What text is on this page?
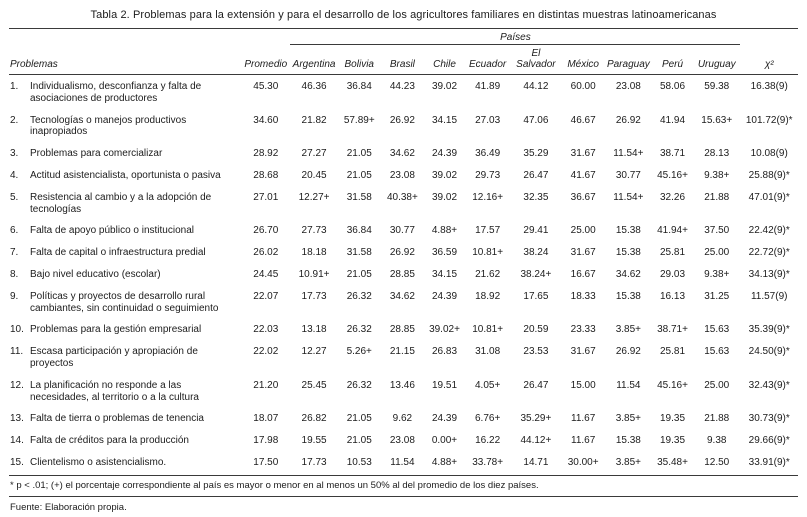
Tabla 2. Problemas para la extensión y para el desarrollo de los agricultores familiares en distintas muestras latinoamericanas
		Países										
Problemas	Promedio	Argentina	Bolivia	Brasil	Chile	Ecuador	El Salvador	México	Paraguay	Perú	Uruguay	χ²

1. Individualismo, desconfianza y falta de asociaciones de productores	45.30	46.36	36.84	44.23	39.02	41.89	44.12	60.00	23.08	58.06	59.38	16.38(9)

2. Tecnologías o manejos productivos inapropiados	34.60	21.82	57.89+	26.92	34.15	27.03	47.06	46.67	26.92	41.94	15.63+	101.72(9)*

3. Problemas para comercializar	28.92	27.27	21.05	34.62	24.39	36.49	35.29	31.67	11.54+	38.71	28.13	10.08(9)

4. Actitud asistencialista, oportunista o pasiva	28.68	20.45	21.05	23.08	39.02	29.73	26.47	41.67	30.77	45.16+	9.38+	25.88(9)*

5. Resistencia al cambio y a la adopción de tecnologías	27.01	12.27+	31.58	40.38+	39.02	12.16+	32.35	36.67	11.54+	32.26	21.88	47.01(9)*

6. Falta de apoyo público o institucional	26.70	27.73	36.84	30.77	4.88+	17.57	29.41	25.00	15.38	41.94+	37.50	22.42(9)*

7. Falta de capital o infraestructura predial	26.02	18.18	31.58	26.92	36.59	10.81+	38.24	31.67	15.38	25.81	25.00	22.72(9)*

8. Bajo nivel educativo (escolar)	24.45	10.91+	21.05	28.85	34.15	21.62	38.24+	16.67	34.62	29.03	9.38+	34.13(9)*

9. Políticas y proyectos de desarrollo rural cambiantes, sin continuidad o seguimiento	22.07	17.73	26.32	34.62	24.39	18.92	17.65	18.33	15.38	16.13	31.25	11.57(9)

10. Problemas para la gestión empresarial	22.03	13.18	26.32	28.85	39.02+	10.81+	20.59	23.33	3.85+	38.71+	15.63	35.39(9)*

11. Escasa participación y apropiación de proyectos	22.02	12.27	5.26+	21.15	26.83	31.08	23.53	31.67	26.92	25.81	15.63	24.50(9)*

12. La planificación no responde a las necesidades, al territorio o a la cultura	21.20	25.45	26.32	13.46	19.51	4.05+	26.47	15.00	11.54	45.16+	25.00	32.43(9)*

13. Falta de tierra o problemas de tenencia	18.07	26.82	21.05	9.62	24.39	6.76+	35.29+	11.67	3.85+	19.35	21.88	30.73(9)*

14. Falta de créditos para la producción	17.98	19.55	21.05	23.08	0.00+	16.22	44.12+	11.67	15.38	19.35	9.38	29.66(9)*

15. Clientelismo o asistencialismo.	17.50	17.73	10.53	11.54	4.88+	33.78+	14.71	30.00+	3.85+	35.48+	12.50	33.91(9)*
* p < .01; (+) el porcentaje correspondiente al país es mayor o menor en al menos un 50% al del promedio de los diez países.
Fuente: Elaboración propia.
